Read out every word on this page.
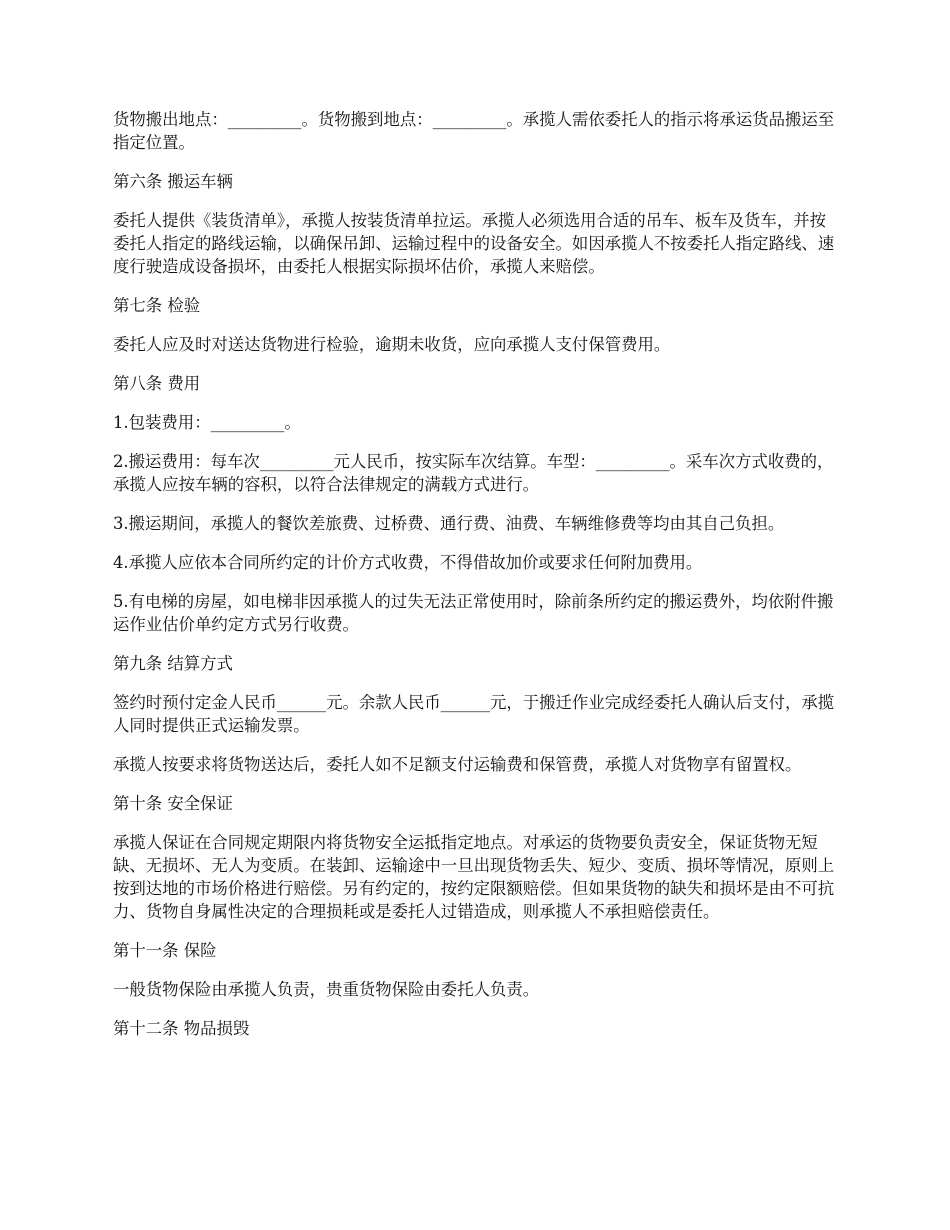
货物搬出地点：_________。货物搬到地点：_________。承揽人需依委托人的指示将承运货品搬运至指定位置。

第六条 搬运车辆

委托人提供《装货清单》，承揽人按装货清单拉运。承揽人必须选用合适的吊车、板车及货车，并按委托人指定的路线运输，以确保吊卸、运输过程中的设备安全。如因承揽人不按委托人指定路线、速度行驶造成设备损坏，由委托人根据实际损坏估价，承揽人来赔偿。

第七条 检验

委托人应及时对送达货物进行检验，逾期未收货，应向承揽人支付保管费用。

第八条 费用

1.包装费用：_________。

2.搬运费用：每车次_________元人民币，按实际车次结算。车型：_________。采车次方式收费的，承揽人应按车辆的容积，以符合法律规定的满载方式进行。

3.搬运期间，承揽人的餐饮差旅费、过桥费、通行费、油费、车辆维修费等均由其自己负担。

4.承揽人应依本合同所约定的计价方式收费，不得借故加价或要求任何附加费用。

5.有电梯的房屋，如电梯非因承揽人的过失无法正常使用时，除前条所约定的搬运费外，均依附件搬运作业估价单约定方式另行收费。

第九条 结算方式

签约时预付定金人民币______元。余款人民币______元，于搬迁作业完成经委托人确认后支付，承揽人同时提供正式运输发票。

承揽人按要求将货物送达后，委托人如不足额支付运输费和保管费，承揽人对货物享有留置权。

第十条 安全保证

承揽人保证在合同规定期限内将货物安全运抵指定地点。对承运的货物要负责安全，保证货物无短缺、无损坏、无人为变质。在装卸、运输途中一旦出现货物丢失、短少、变质、损坏等情况，原则上按到达地的市场价格进行赔偿。另有约定的，按约定限额赔偿。但如果货物的缺失和损坏是由不可抗力、货物自身属性决定的合理损耗或是委托人过错造成，则承揽人不承担赔偿责任。

第十一条 保险

一般货物保险由承揽人负责，贵重货物保险由委托人负责。

第十二条 物品损毁
